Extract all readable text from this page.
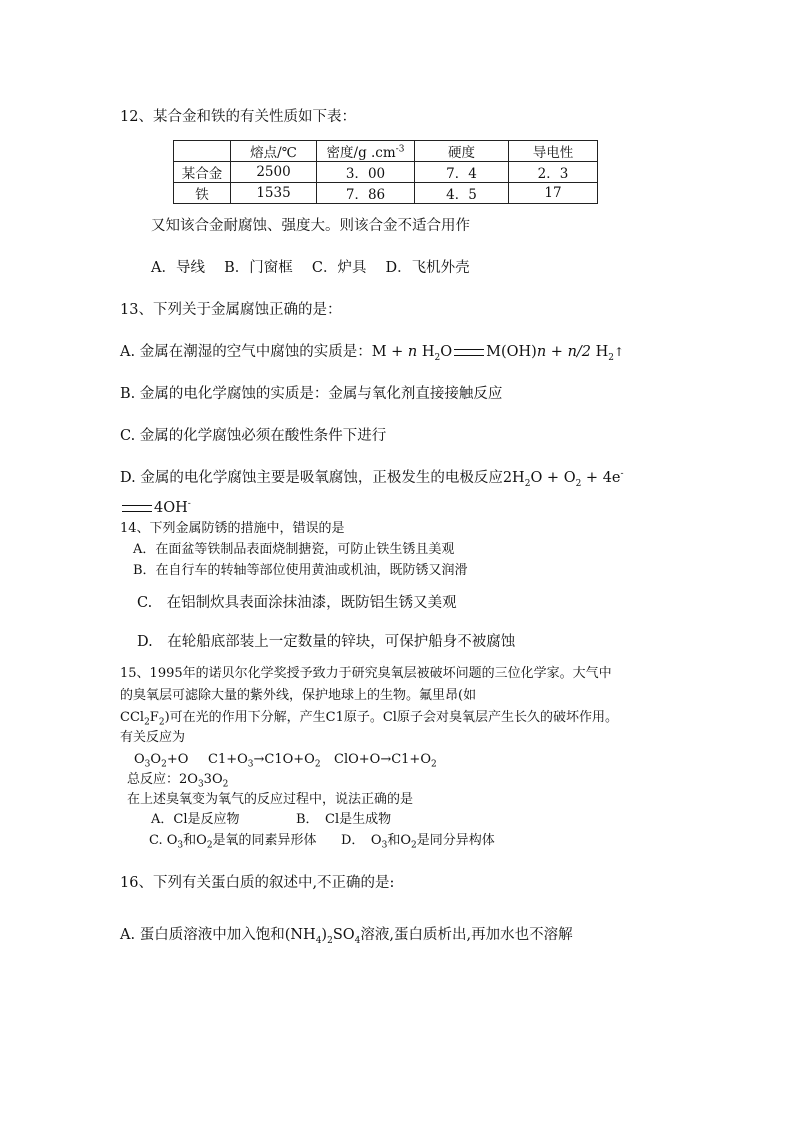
12、某合金和铁的有关性质如下表：
	熔点/℃	密度/g $.cm^{-3}$	硬度	导电性
某合金	2500	3．00	7．4	2．3
铁	1535	7．86	4．5	17
又知该合金耐腐蚀、强度大。则该合金不适合用作
A．导线　 B．门窗框　 C．炉具　 D．飞机外壳
13、下列关于金属腐蚀正确的是：
A. 金属在潮湿的空气中腐蚀的实质是：M + n $H_2O$ M(OH)n + n/2 $H_2↑$
B. 金属的电化学腐蚀的实质是：金属与氧化剂直接接触反应
C. 金属的化学腐蚀必须在酸性条件下进行
D. 金属的电化学腐蚀主要是吸氧腐蚀，正极发生的电极反应$2H_2O + O_2 + 4e^-$
4OH-
14、下列金属防锈的措施中，错误的是
A．在面盆等铁制品表面烧制搪瓷，可防止铁生锈且美观
B．在自行车的转轴等部位使用黄油或机油，既防锈又润滑
C.　在铝制炊具表面涂抹油漆，既防铝生锈又美观
D.　在轮船底部装上一定数量的锌块，可保护船身不被腐蚀
15、1995年的诺贝尔化学奖授予致力于研究臭氧层被破坏问题的三位化学家。大气中
的臭氧层可滤除大量的紫外线，保护地球上的生物。氟里昂(如
$CCl_2F_2$)可在光的作用下分解，产生C1原子。Cl原子会对臭氧层产生长久的破坏作用。
有关反应为
$O_3O_2+O$ $C1+O_3\to C1O+O_2$ $ClO+O\to C1+O_2$
总反应：$2O_33O_2$
在上述臭氧变为氧气的反应过程中，说法正确的是
A．Cl是反应物	B．　Cl是生成物
C. $O_3$和$O_2$是氧的同素异形体 D．　$O_3$和$O_2$是同分异构体
16、下列有关蛋白质的叙述中,不正确的是:
A. 蛋白质溶液中加入饱和$(NH_4)_2SO_4$溶液,蛋白质析出,再加水也不溶解
